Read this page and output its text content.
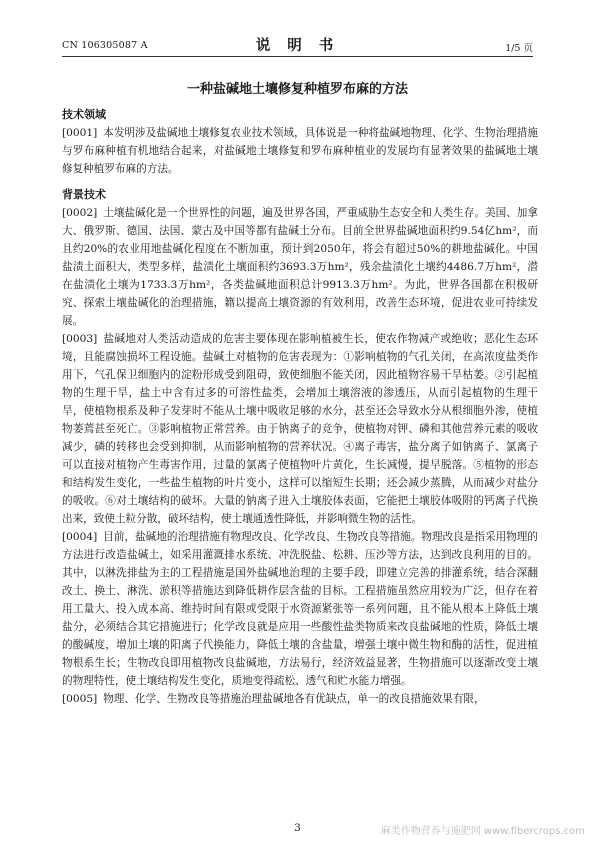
CN 106305087 A	说 明 书	1/5 页
一种盐碱地土壤修复种植罗布麻的方法
技术领域

[0001] 本发明涉及盐碱地土壤修复农业技术领域，具体说是一种将盐碱地物理、化学、生物治理措施与罗布麻种植有机地结合起来，对盐碱地土壤修复和罗布麻种植业的发展均有显著效果的盐碱地土壤修复种植罗布麻的方法。

背景技术

[0002] 土壤盐碱化是一个世界性的问题，遍及世界各国，严重威胁生态安全和人类生存。美国、加拿大、俄罗斯、德国、法国、蒙古及中国等都有盐碱土分布。目前全世界盐碱地面积约9.54亿hm²，而且约20%的农业用地盐碱化程度在不断加重，预计到2050年，将会有超过50%的耕地盐碱化。中国盐渍土面积大，类型多样，盐渍化土壤面积约3693.3万hm²，残余盐渍化土壤约4486.7万hm²，潜在盐渍化土壤为1733.3万hm²，各类盐碱地面积总计9913.3万hm²。为此，世界各国都在积极研究、探索土壤盐碱化的治理措施，籍以提高土壤资源的有效利用，改善生态环境，促进农业可持续发展。

[0003] 盐碱地对人类活动造成的危害主要体现在影响植被生长，使农作物减产或绝收；恶化生态环境，且能腐蚀损坏工程设施。盐碱土对植物的危害表现为：①影响植物的气孔关闭，在高浓度盐类作用下，气孔保卫细胞内的淀粉形成受到阻碍，致使细胞不能关闭，因此植物容易干旱枯萎。②引起植物的生理干旱，盐土中含有过多的可溶性盐类，会增加土壤溶液的渗透压，从而引起植物的生理干旱，使植物根系及种子发芽时不能从土壤中吸收足够的水分，甚至还会导致水分从根细胞外渗，使植物萎蔫甚至死亡。③影响植物正常营养。由于钠离子的竞争，使植物对钾、磷和其他营养元素的吸收减少，磷的转移也会受到抑制，从而影响植物的营养状况。④离子毒害，盐分离子如钠离子、氯离子可以直接对植物产生毒害作用，过量的氯离子使植物叶片黄化，生长减慢，提早脱落。⑤植物的形态和结构发生变化，一些盐生植物的叶片变小，这样可以缩短生长期；还会减少蒸腾，从而减少对盐分的吸收。⑥对土壤结构的破坏。大量的钠离子进入土壤胶体表面，它能把土壤胶体吸附的钙离子代换出来，致使土粒分散，破坏结构，使土壤通透性降低，并影响微生物的活性。

[0004] 目前，盐碱地的治理措施有物理改良、化学改良、生物改良等措施。物理改良是指采用物理的方法进行改造盐碱土，如采用灌溉排水系统、冲洗脱盐、松耕、压沙等方法，达到改良利用的目的。其中，以淋洗排盐为主的工程措施是国外盐碱地治理的主要手段，即建立完善的排灌系统，结合深翻改土、换土、淋洗、淤积等措施达到降低耕作层含盐的目标。工程措施虽然应用较为广泛，但存在着用工量大、投入成本高、维持时间有限或受限于水资源紧张等一系列问题，且不能从根本上降低土壤盐分，必须结合其它措施进行；化学改良就是应用一些酸性盐类物质来改良盐碱地的性质，降低土壤的酸碱度，增加土壤的阳离子代换能力，降低土壤的含盐量，增强土壤中微生物和酶的活性，促进植物根系生长；生物改良即用植物改良盐碱地，方法易行，经济效益显著，生物措施可以逐渐改变土壤的物理特性，使土壤结构发生变化，质地变得疏松、透气和贮水能力增强。

[0005] 物理、化学、生物改良等措施治理盐碱地各有优缺点，单一的改良措施效果有限，

3	麻类作物营养与施肥网 www.fibercrops.com
